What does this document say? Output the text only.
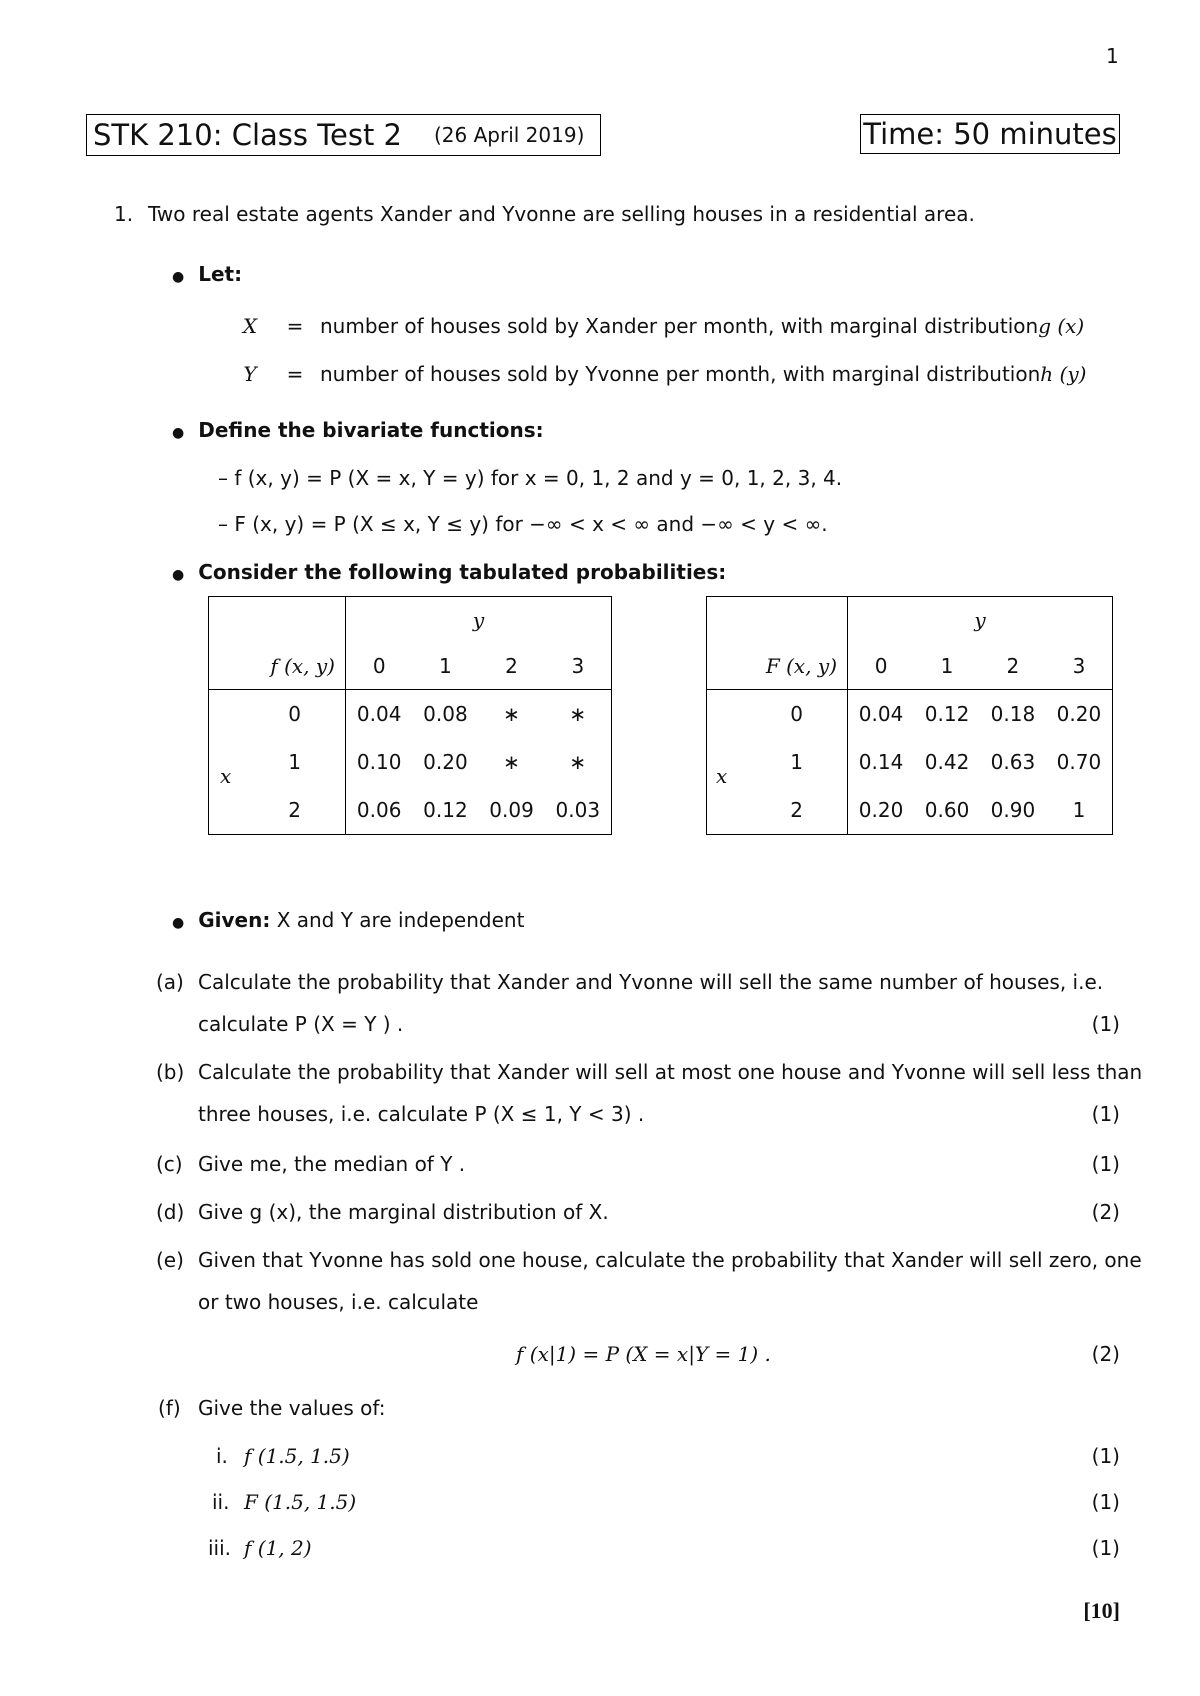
1
STK 210: Class Test 2 (26 April 2019)	Time: 50 minutes
1. Two real estate agents Xander and Yvonne are selling houses in a residential area.
● Let:
X	= number of houses sold by Xander per month, with marginal distribution g (x)
Y	= number of houses sold by Yvonne per month, with marginal distribution h (y)
● Define the bivariate functions:
– f (x, y) = P (X = x, Y = y) for x = 0, 1, 2 and y = 0, 1, 2, 3, 4.
– F (x, y) = P (X ≤ x, Y ≤ y) for −∞ < x < ∞ and −∞ < y < ∞.
● Consider the following tabulated probabilities:
	y			
f (x, y)	0	1	2	3
0	0.04	0.08	∗	∗
1	0.10	0.20	∗	∗
2	0.06	0.12	0.09	0.03
x
	y			
F (x, y)	0	1	2	3
0	0.04	0.12	0.18	0.20
1	0.14	0.42	0.63	0.70
2	0.20	0.60	0.90	1
x
● Given: X and Y are independent
(a) Calculate the probability that Xander and Yvonne will sell the same number of houses, i.e.
calculate P (X = Y ) .	(1)
(b) Calculate the probability that Xander will sell at most one house and Yvonne will sell less than
three houses, i.e. calculate P (X ≤ 1, Y < 3) .	(1)
(c) Give me, the median of Y .	(1)
(d) Give g (x), the marginal distribution of X.	(2)
(e) Given that Yvonne has sold one house, calculate the probability that Xander will sell zero, one
or two houses, i.e. calculate
f (x|1) = P (X = x|Y = 1) .	(2)
(f) Give the values of:
i. f (1.5, 1.5)	(1)
ii. F (1.5, 1.5)	(1)
iii. f (1, 2)	(1)
[10]
